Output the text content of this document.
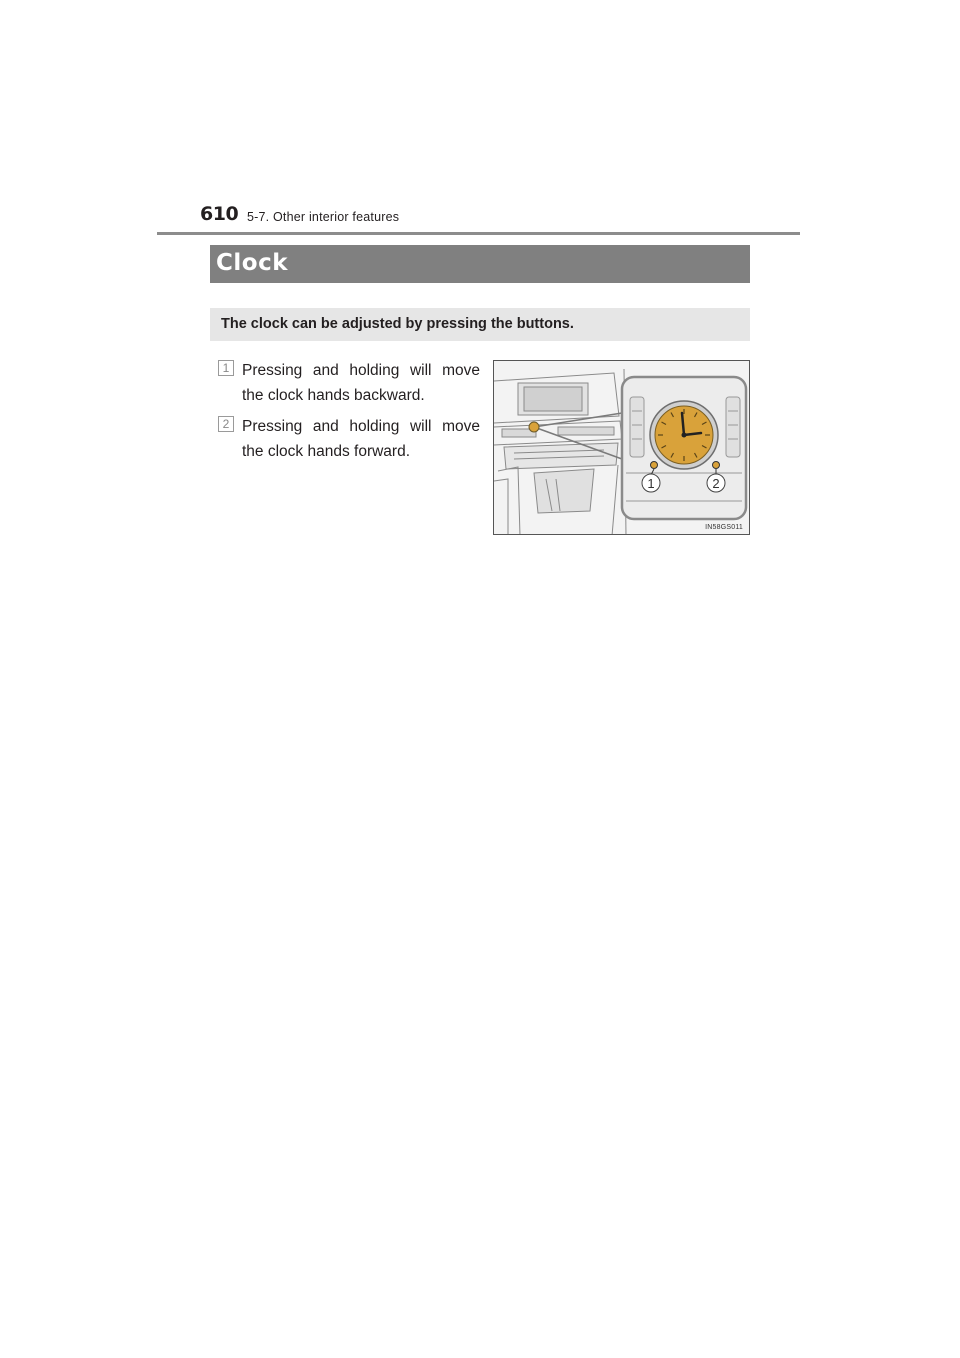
610 5-7. Other interior features
Clock
The clock can be adjusted by pressing the buttons.
1 Pressing and holding will move the clock hands backward.
2 Pressing and holding will move the clock hands forward.
1	2
IN58GS011
